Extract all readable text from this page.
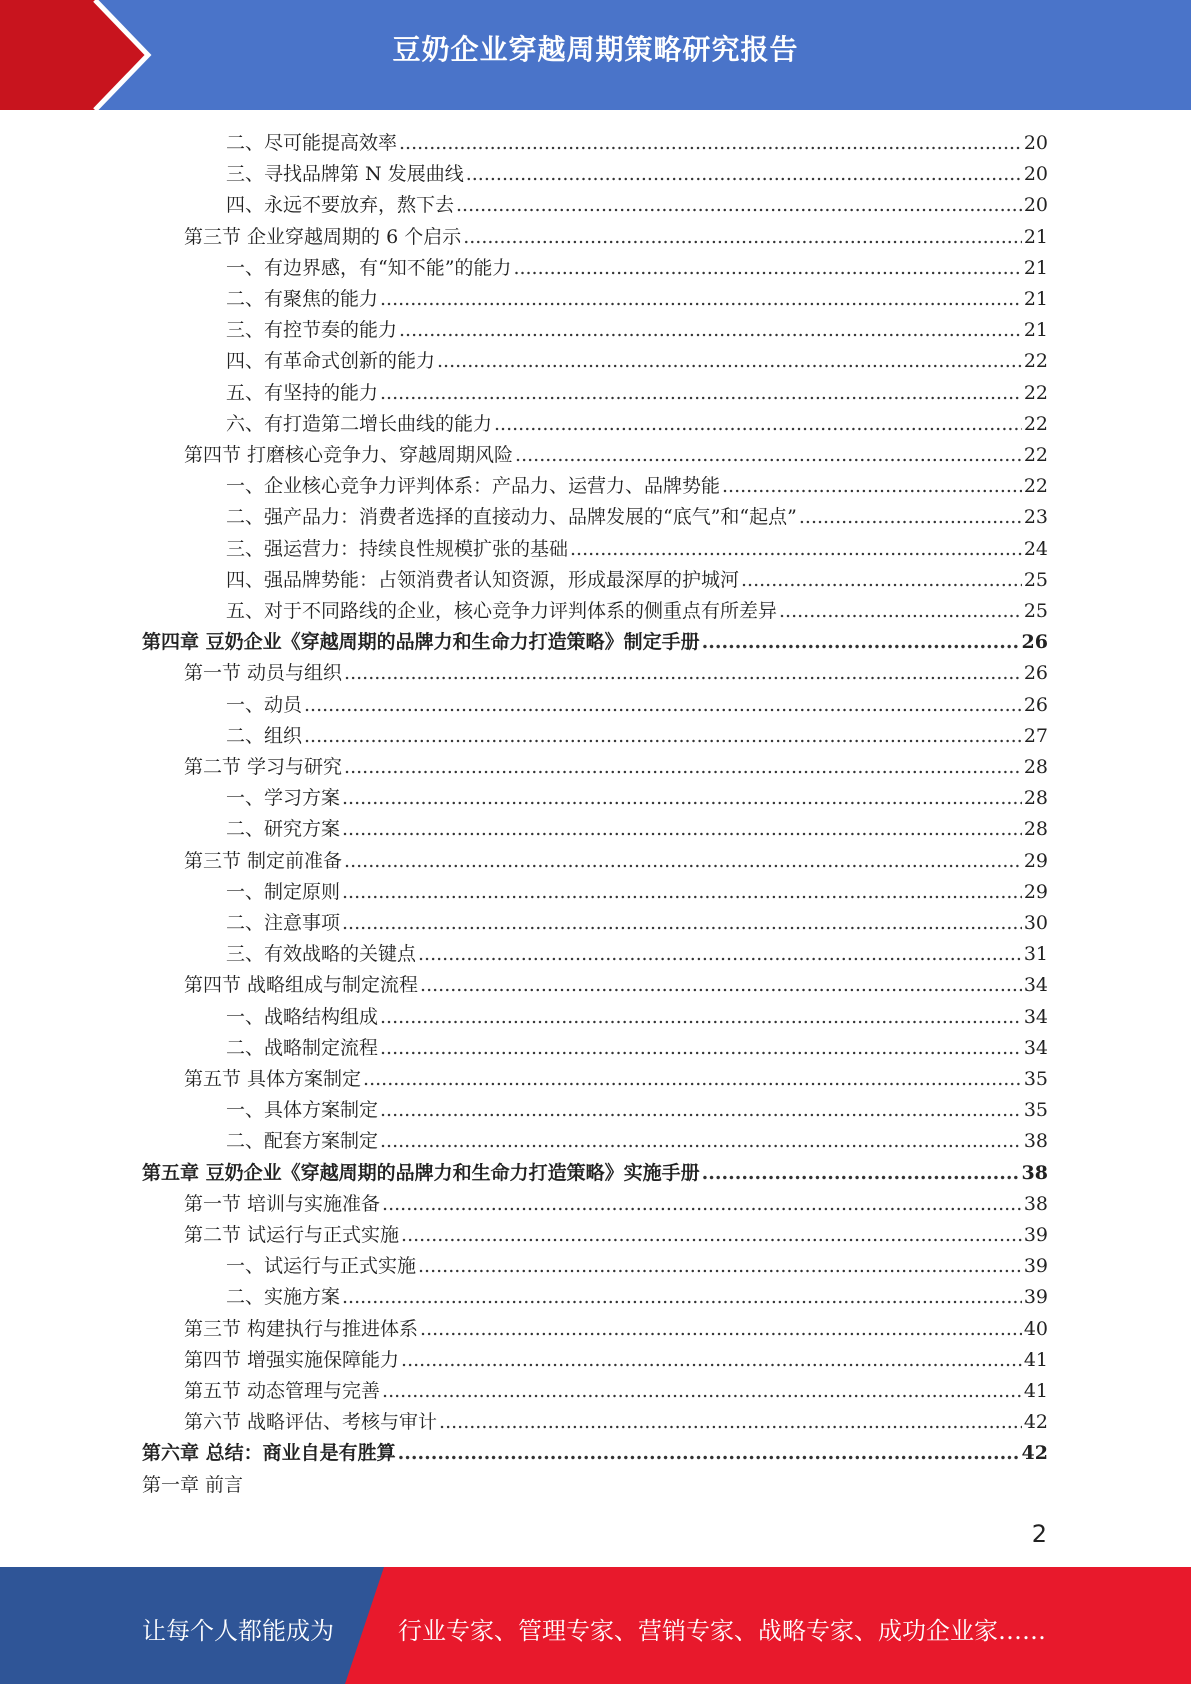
豆奶企业穿越周期策略研究报告
二、尽可能提高效率 .....	20
三、寻找品牌第 N 发展曲线 .....	20
四、永远不要放弃，熬下去 .....	20
第三节 企业穿越周期的 6 个启示 .....	21
一、有边界感，有“知不能”的能力 .....	21
二、有聚焦的能力 .....	21
三、有控节奏的能力 .....	21
四、有革命式创新的能力 .....	22
五、有坚持的能力 .....	22
六、有打造第二增长曲线的能力 .....	22
第四节 打磨核心竞争力、穿越周期风险 .....	22
一、企业核心竞争力评判体系：产品力、运营力、品牌势能 .....	22
二、强产品力：消费者选择的直接动力、品牌发展的“底气”和“起点” .....	23
三、强运营力：持续良性规模扩张的基础 .....	24
四、强品牌势能：占领消费者认知资源，形成最深厚的护城河 .....	25
五、对于不同路线的企业，核心竞争力评判体系的侧重点有所差异 .....	25
第四章 豆奶企业《穿越周期的品牌力和生命力打造策略》制定手册 .....	26
第一节 动员与组织 .....	26
一、动员 .....	26
二、组织 .....	27
第二节 学习与研究 .....	28
一、学习方案 .....	28
二、研究方案 .....	28
第三节 制定前准备 .....	29
一、制定原则 .....	29
二、注意事项 .....	30
三、有效战略的关键点 .....	31
第四节 战略组成与制定流程 .....	34
一、战略结构组成 .....	34
二、战略制定流程 .....	34
第五节 具体方案制定 .....	35
一、具体方案制定 .....	35
二、配套方案制定 .....	38
第五章 豆奶企业《穿越周期的品牌力和生命力打造策略》实施手册 .....	38
第一节 培训与实施准备 .....	38
第二节 试运行与正式实施 .....	39
一、试运行与正式实施 .....	39
二、实施方案 .....	39
第三节 构建执行与推进体系 .....	40
第四节 增强实施保障能力 .....	41
第五节 动态管理与完善 .....	41
第六节 战略评估、考核与审计 .....	42
第六章 总结：商业自是有胜算 .....	42
第一章 前言
2
让每个人都能成为	行业专家、管理专家、营销专家、战略专家、成功企业家……
